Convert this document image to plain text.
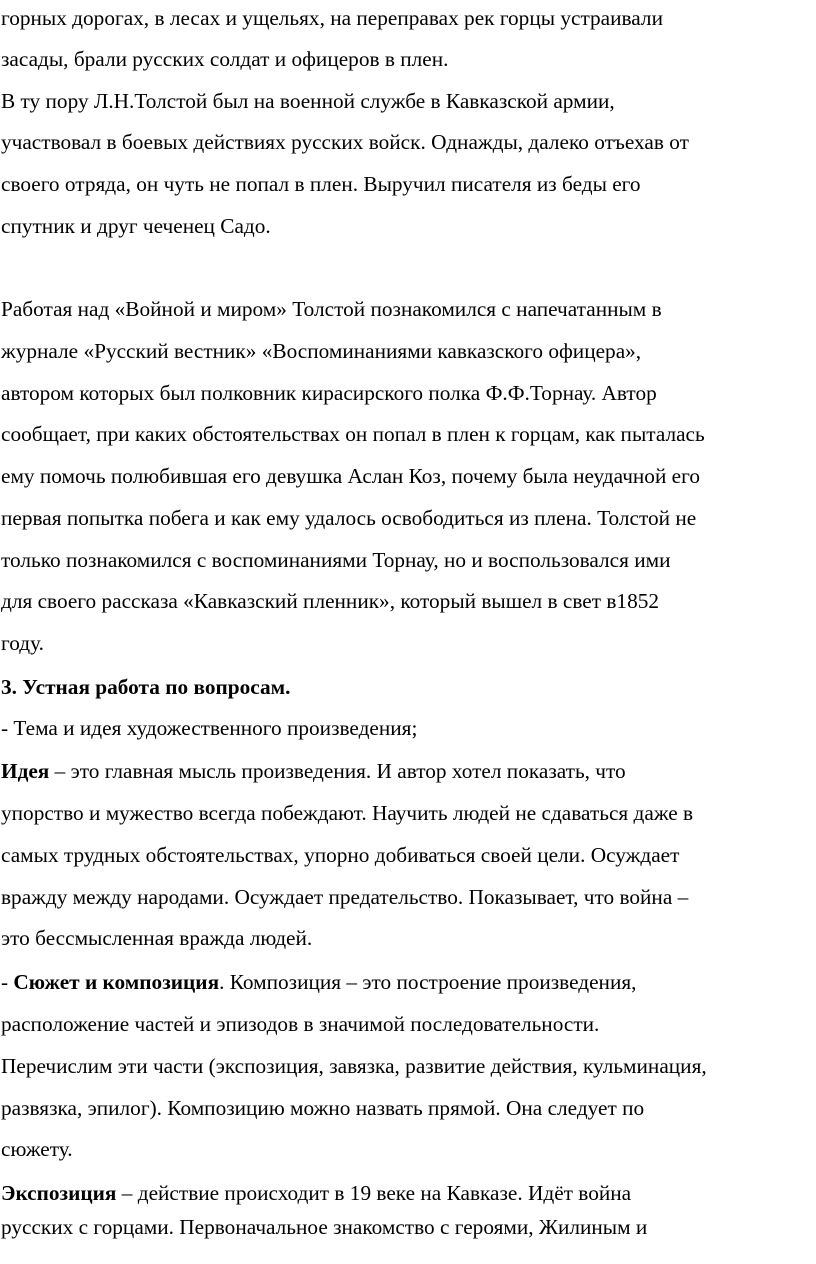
горных дорогах, в лесах и ущельях, на переправах рек горцы устраивали
засады, брали русских солдат и офицеров в плен.
В ту пору Л.Н.Толстой был на военной службе в Кавказской армии,
участвовал в боевых действиях русских войск. Однажды, далеко отъехав от
своего отряда, он чуть не попал в плен. Выручил писателя из беды его
спутник и друг чеченец Садо.
Работая над «Войной и миром» Толстой познакомился с напечатанным в
журнале «Русский вестник» «Воспоминаниями кавказского офицера»,
автором которых был полковник кирасирского полка Ф.Ф.Торнау. Автор
сообщает, при каких обстоятельствах он попал в плен к горцам, как пыталась
ему помочь полюбившая его девушка Аслан Коз, почему была неудачной его
первая попытка побега и как ему удалось освободиться из плена. Толстой не
только познакомился с воспоминаниями Торнау, но и воспользовался ими
для своего рассказа «Кавказский пленник», который вышел в свет в1852
году.
3. Устная работа по вопросам.
- Тема и идея художественного произведения;
Идея – это главная мысль произведения. И автор хотел показать, что
упорство и мужество всегда побеждают. Научить людей не сдаваться даже в
самых трудных обстоятельствах, упорно добиваться своей цели. Осуждает
вражду между народами. Осуждает предательство. Показывает, что война –
это бессмысленная вражда людей.
- Сюжет и композиция. Композиция – это построение произведения,
расположение частей и эпизодов в значимой последовательности.
Перечислим эти части (экспозиция, завязка, развитие действия, кульминация,
развязка, эпилог). Композицию можно назвать прямой. Она следует по
сюжету.
Экспозиция – действие происходит в 19 веке на Кавказе. Идёт война
русских с горцами. Первоначальное знакомство с героями, Жилиным и
